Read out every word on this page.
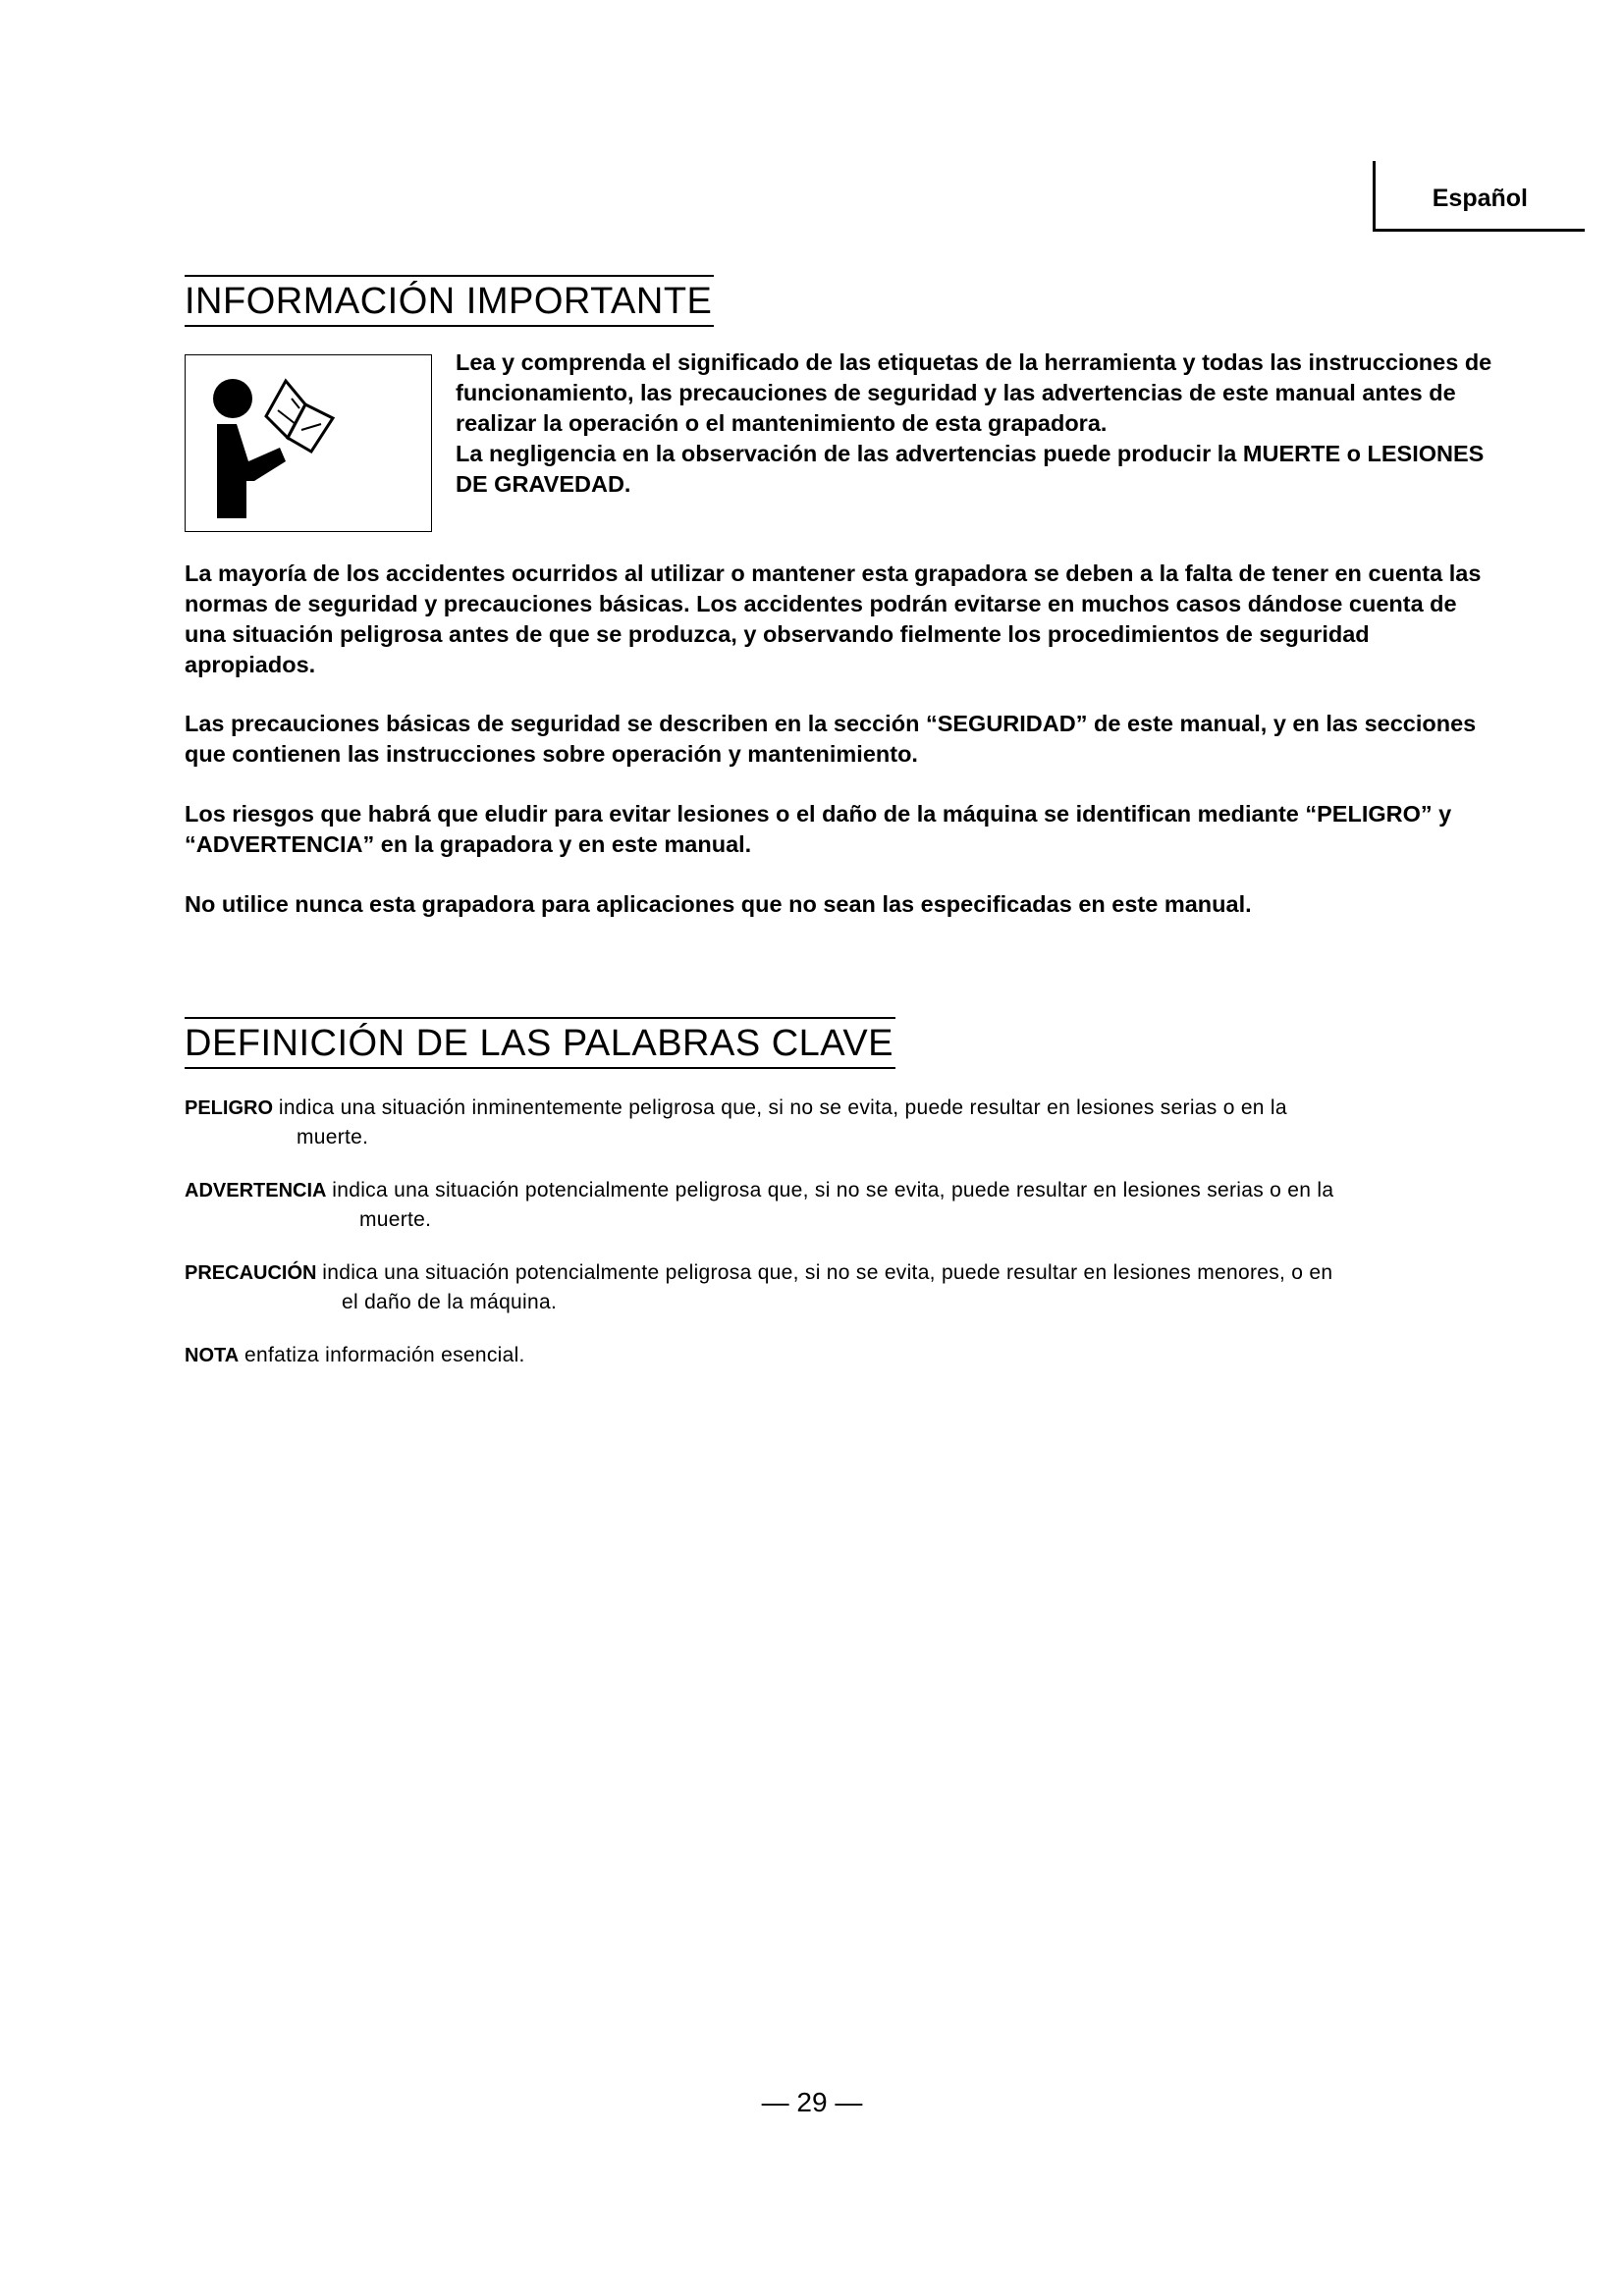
Español
INFORMACIÓN IMPORTANTE

Lea y comprenda el significado de las etiquetas de la herramienta y todas las instrucciones de funcionamiento, las precauciones de seguridad y las advertencias de este manual antes de realizar la operación o el mantenimiento de esta grapadora.
La negligencia en la observación de las advertencias puede producir la MUERTE o LESIONES DE GRAVEDAD.

La mayoría de los accidentes ocurridos al utilizar o mantener esta grapadora se deben a la falta de tener en cuenta las normas de seguridad y precauciones básicas. Los accidentes podrán evitarse en muchos casos dándose cuenta de una situación peligrosa antes de que se produzca, y observando fielmente los procedimientos de seguridad apropiados.

Las precauciones básicas de seguridad se describen en la sección “SEGURIDAD” de este manual, y en las secciones que contienen las instrucciones sobre operación y mantenimiento.

Los riesgos que habrá que eludir para evitar lesiones o el daño de la máquina se identifican mediante “PELIGRO” y “ADVERTENCIA” en la grapadora y en este manual.

No utilice nunca esta grapadora para aplicaciones que no sean las especificadas en este manual.

DEFINICIÓN DE LAS PALABRAS CLAVE

PELIGRO indica una situación inminentemente peligrosa que, si no se evita, puede resultar en lesiones serias o en la
muerte.

ADVERTENCIA indica una situación potencialmente peligrosa que, si no se evita, puede resultar en lesiones serias o en la
muerte.

PRECAUCIÓN indica una situación potencialmente peligrosa que, si no se evita, puede resultar en lesiones menores, o en
el daño de la máquina.

NOTA enfatiza información esencial.

— 29 —
